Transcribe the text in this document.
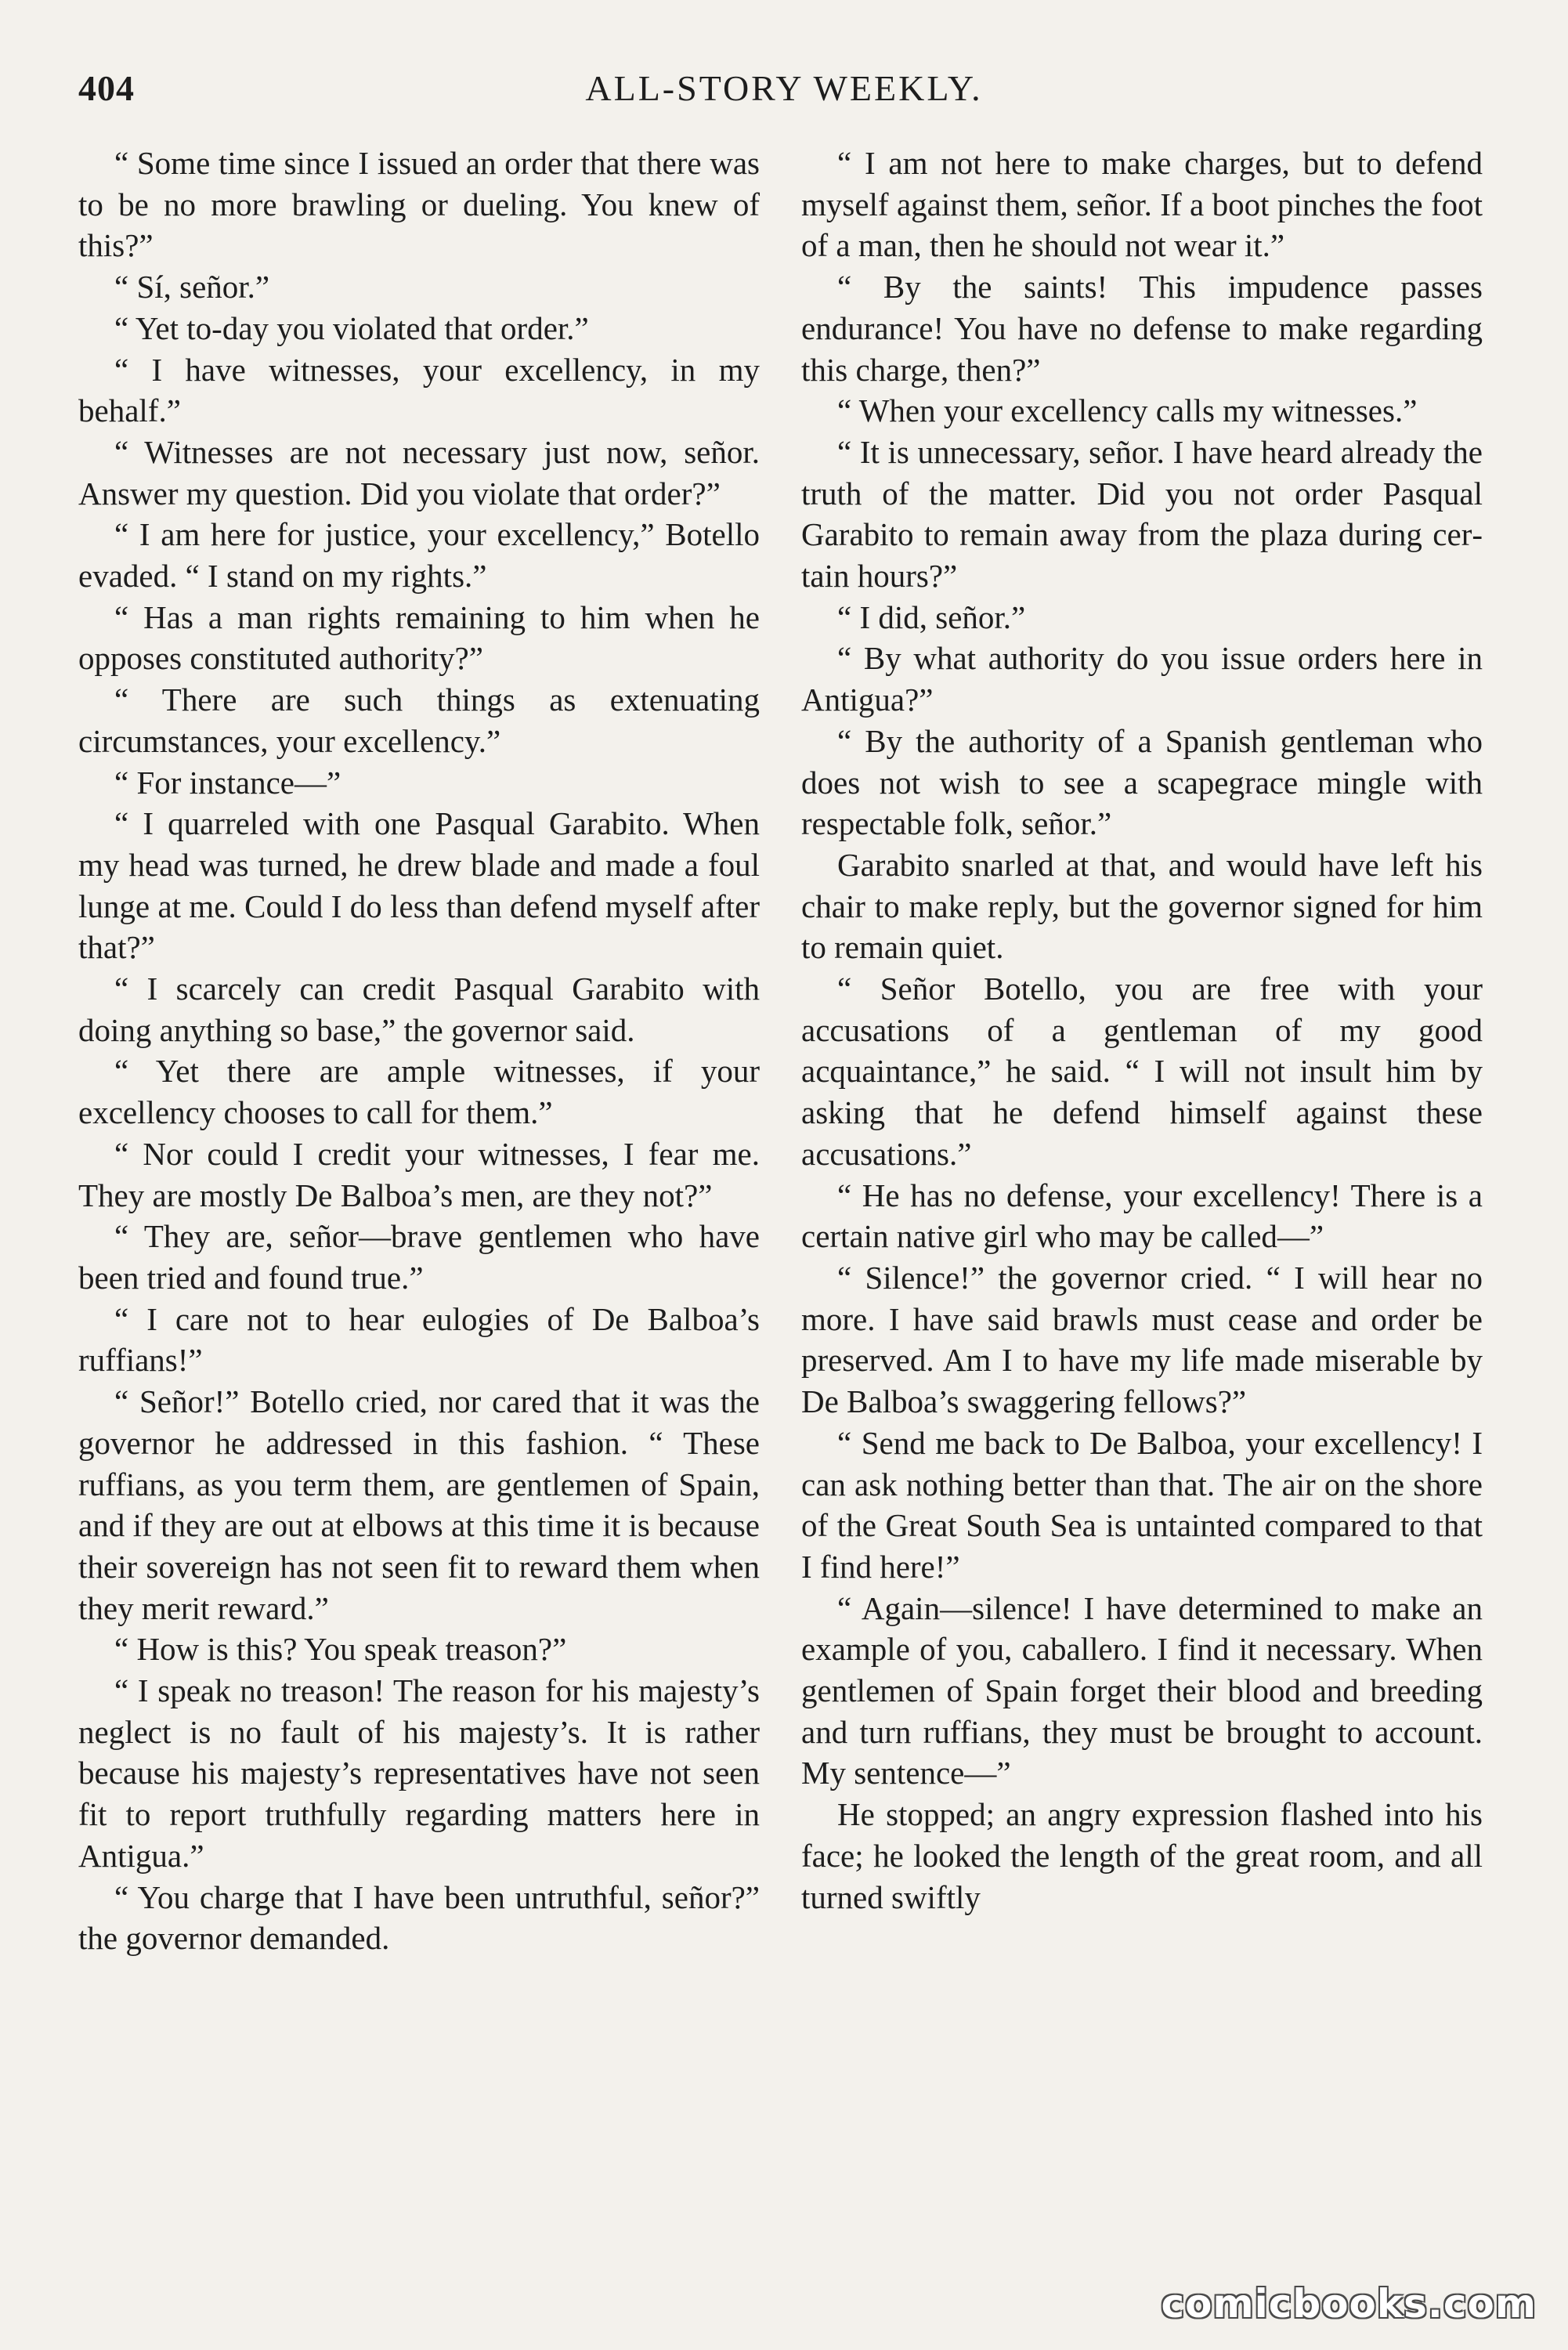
404	ALL-STORY WEEKLY.

“ Some time since I issued an order that there was to be no more brawling or dueling. You knew of this?”

“ Sí, señor.”

“ Yet to-day you violated that order.”

“ I have witnesses, your excellency, in my behalf.”

“ Witnesses are not necessary just now, señor. Answer my question. Did you violate that order?”

“ I am here for justice, your excellency,” Botello evaded. “ I stand on my rights.”

“ Has a man rights remaining to him when he opposes constituted authority?”

“ There are such things as extenuating circumstances, your excellency.”

“ For instance—”

“ I quarreled with one Pasqual Garabito. When my head was turned, he drew blade and made a foul lunge at me. Could I do less than defend myself after that?”

“ I scarcely can credit Pasqual Garabito with doing anything so base,” the governor said.

“ Yet there are ample witnesses, if your excellency chooses to call for them.”

“ Nor could I credit your witnesses, I fear me. They are mostly De Balboa’s men, are they not?”

“ They are, señor—brave gentlemen who have been tried and found true.”

“ I care not to hear eulogies of De Balboa’s ruffians!”

“ Señor!” Botello cried, nor cared that it was the governor he addressed in this fashion. “ These ruffians, as you term them, are gentlemen of Spain, and if they are out at elbows at this time it is because their sovereign has not seen fit to reward them when they merit reward.”

“ How is this? You speak treason?”

“ I speak no treason! The reason for his majesty’s neglect is no fault of his majesty’s. It is rather because his majesty’s representatives have not seen fit to report truthfully regarding matters here in Antigua.”

“ You charge that I have been untruthful, señor?” the governor demanded.

“ I am not here to make charges, but to defend myself against them, señor. If a boot pinches the foot of a man, then he should not wear it.”

“ By the saints! This impudence passes endurance! You have no defense to make regarding this charge, then?”

“ When your excellency calls my witnesses.”

“ It is unnecessary, señor. I have heard already the truth of the matter. Did you not order Pasqual Garabito to remain away from the plaza during certain hours?”

“ I did, señor.”

“ By what authority do you issue orders here in Antigua?”

“ By the authority of a Spanish gentleman who does not wish to see a scapegrace mingle with respectable folk, señor.”

Garabito snarled at that, and would have left his chair to make reply, but the governor signed for him to remain quiet.

“ Señor Botello, you are free with your accusations of a gentleman of my good acquaintance,” he said. “ I will not insult him by asking that he defend himself against these accusations.”

“ He has no defense, your excellency! There is a certain native girl who may be called—”

“ Silence!” the governor cried. “ I will hear no more. I have said brawls must cease and order be preserved. Am I to have my life made miserable by De Balboa’s swaggering fellows?”

“ Send me back to De Balboa, your excellency! I can ask nothing better than that. The air on the shore of the Great South Sea is untainted compared to that I find here!”

“ Again—silence! I have determined to make an example of you, caballero. I find it necessary. When gentlemen of Spain forget their blood and breeding and turn ruffians, they must be brought to account. My sentence—”

He stopped; an angry expression flashed into his face; he looked the length of the great room, and all turned swiftly

comicbooks.com
